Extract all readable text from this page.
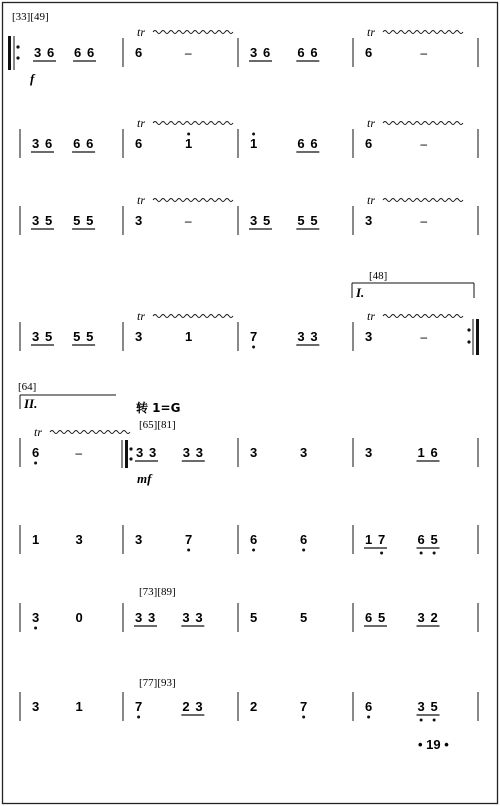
[33][49]
[48]
[64]
[65][81]
[73][89]
[77][93]
f
mf
转 1=G
I.
II.
• 19 •
3 6 6 6
tr
6	–	3 6 6 6
tr
6	–
3 6 6 6
tr
6	1	1	6 6
tr
6	–
3 5 5 5
tr
3	–	3 5 5 5
tr
3	–
3 5 5 5
tr
3	1	7	3 3
tr
3	–
tr
6	–	3 3 3 3	3	3	3	1 6
1	3	3	7	6	6	1 7 6 5
3	0	3 3 3 3	5	5	6 5 3 2
3	1	7	2 3	2	7	6	3 5
